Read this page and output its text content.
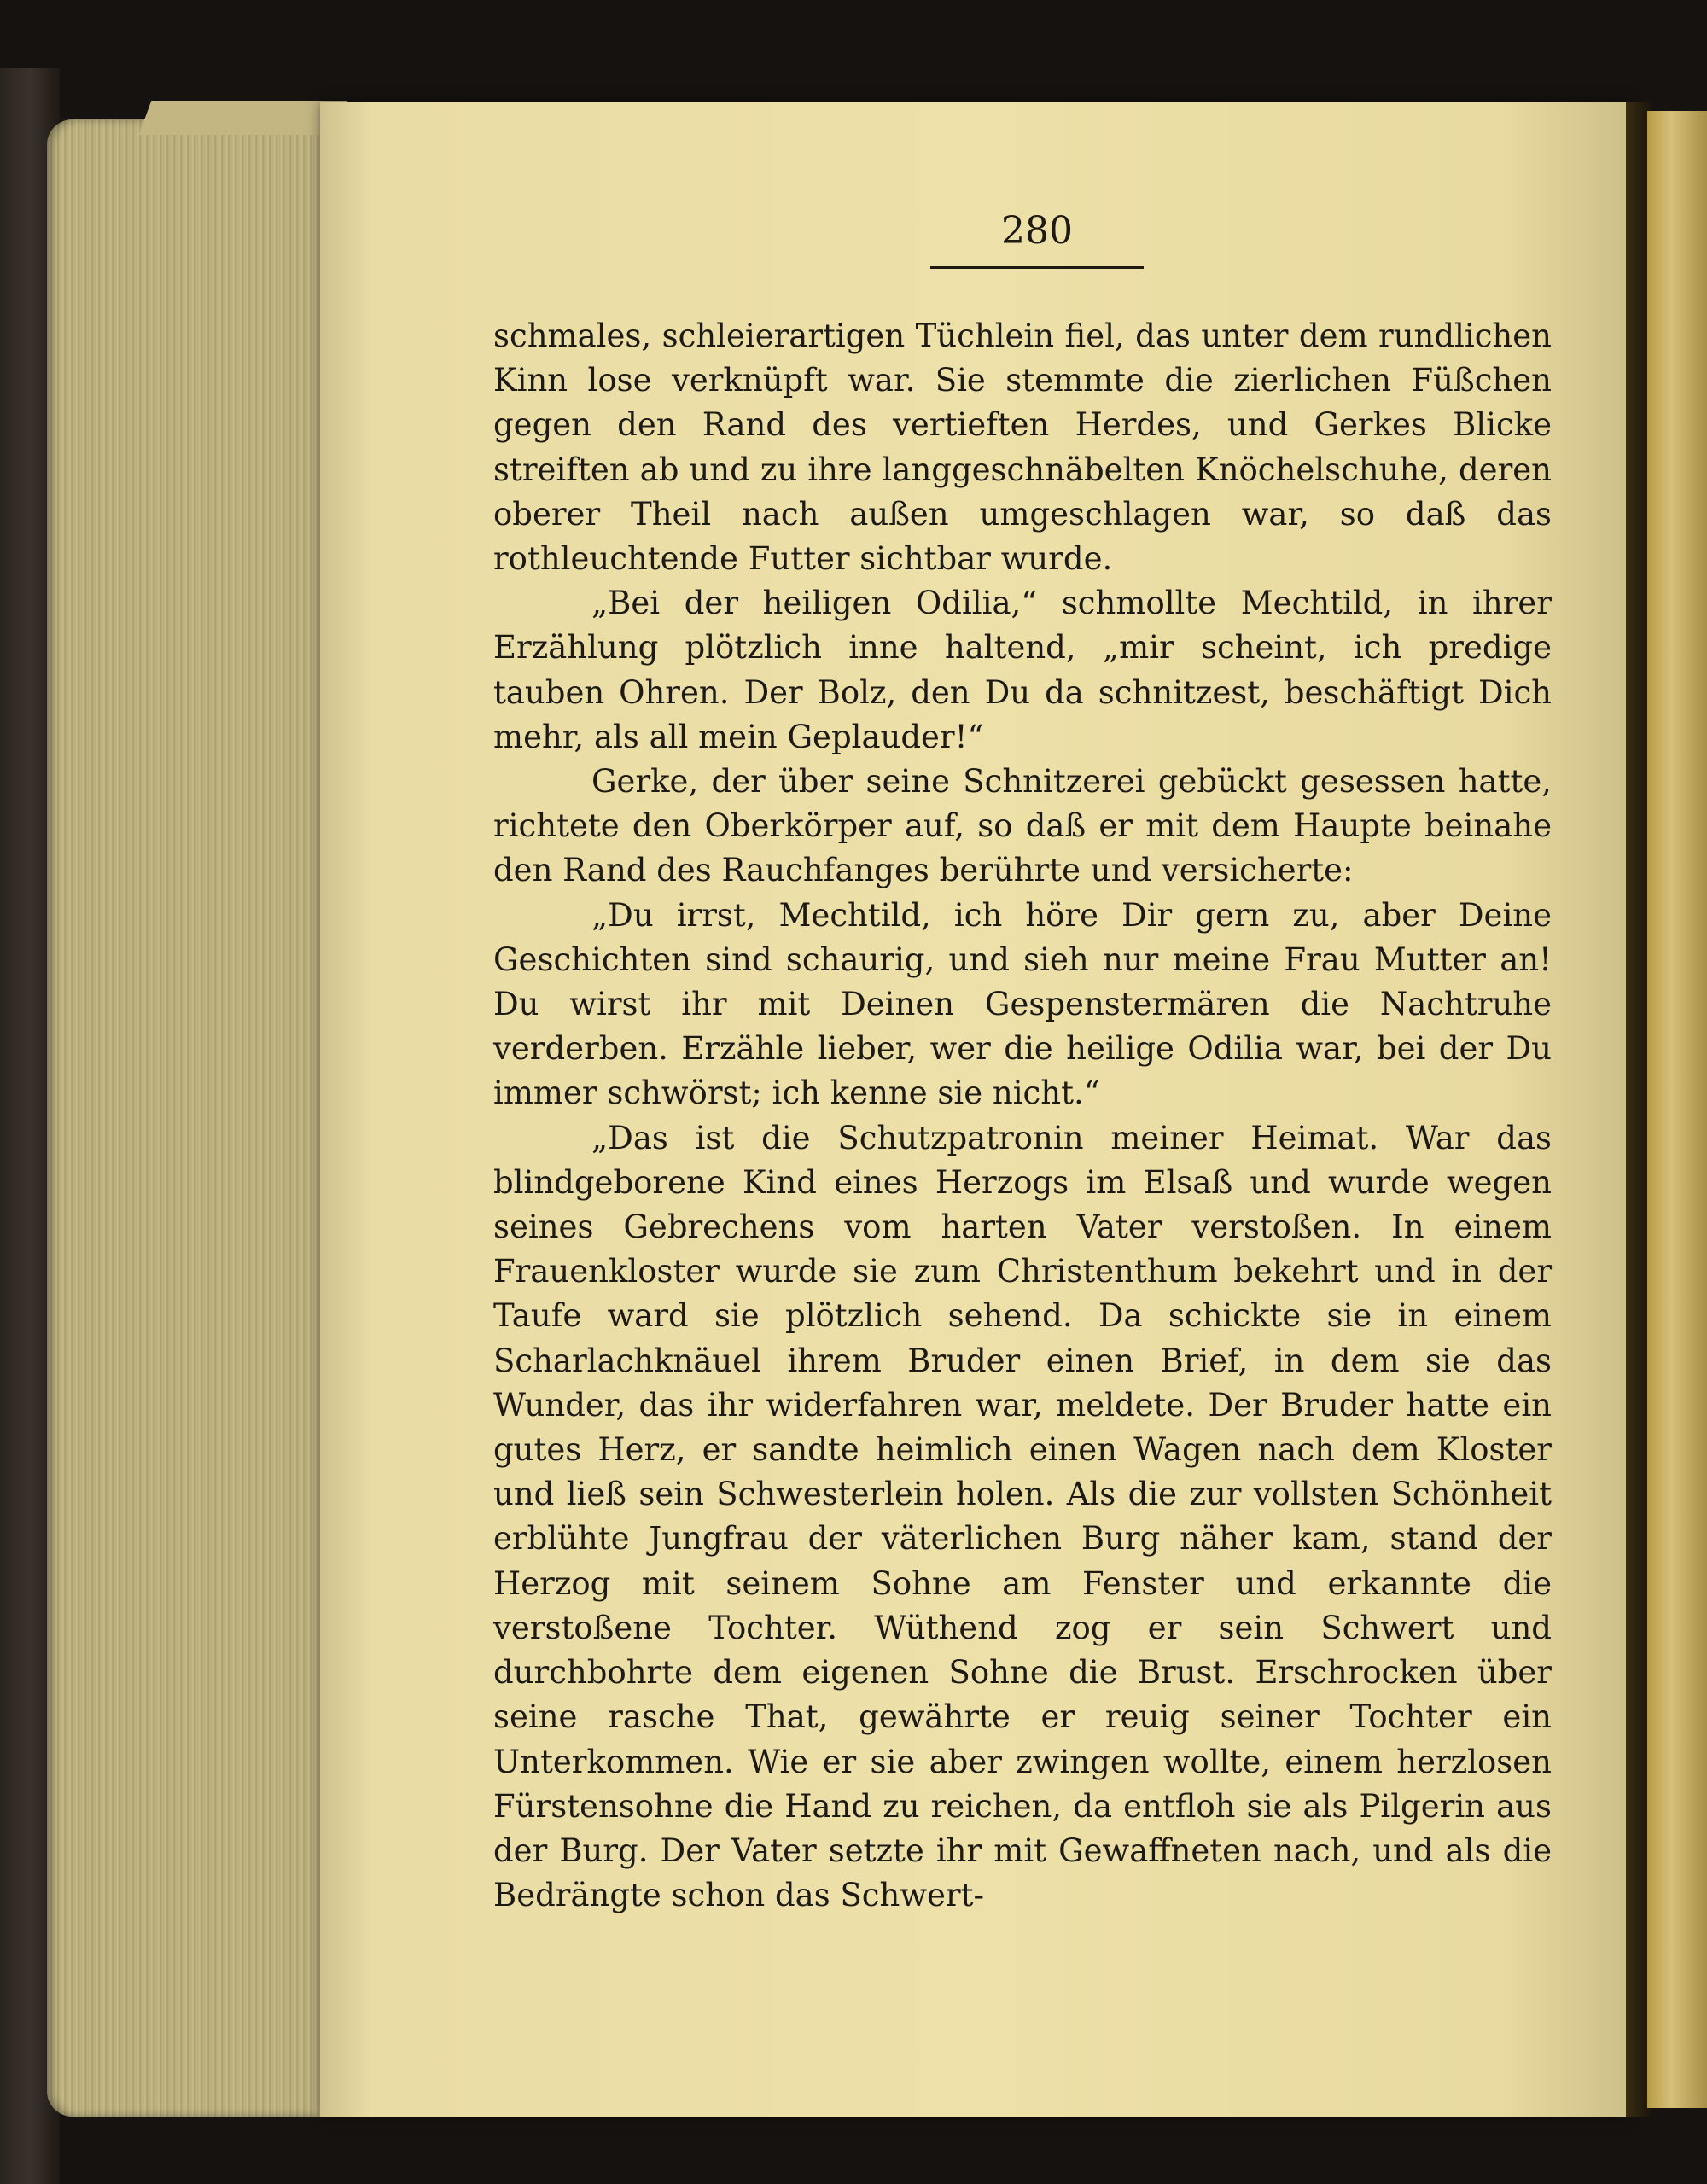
280

schmales, schleierartigen Tüchlein fiel, das unter dem rundlichen Kinn lose verknüpft war. Sie stemmte die zierlichen Füßchen gegen den Rand des vertieften Herdes, und Gerkes Blicke streiften ab und zu ihre langgeschnäbelten Knöchelschuhe, deren oberer Theil nach außen umgeschlagen war, so daß das rothleuchtende Futter sichtbar wurde.

„Bei der heiligen Odilia,“ schmollte Mechtild, in ihrer Erzählung plötzlich inne haltend, „mir scheint, ich predige tauben Ohren. Der Bolz, den Du da schnitzest, beschäftigt Dich mehr, als all mein Geplauder!“

Gerke, der über seine Schnitzerei gebückt gesessen hatte, richtete den Oberkörper auf, so daß er mit dem Haupte beinahe den Rand des Rauchfanges berührte und versicherte:

„Du irrst, Mechtild, ich höre Dir gern zu, aber Deine Geschichten sind schaurig, und sieh nur meine Frau Mutter an! Du wirst ihr mit Deinen Gespenstermären die Nachtruhe verderben. Erzähle lieber, wer die heilige Odilia war, bei der Du immer schwörst; ich kenne sie nicht.“

„Das ist die Schutzpatronin meiner Heimat. War das blindgeborene Kind eines Herzogs im Elsaß und wurde wegen seines Gebrechens vom harten Vater verstoßen. In einem Frauenkloster wurde sie zum Christenthum bekehrt und in der Taufe ward sie plötzlich sehend. Da schickte sie in einem Scharlachknäuel ihrem Bruder einen Brief, in dem sie das Wunder, das ihr widerfahren war, meldete. Der Bruder hatte ein gutes Herz, er sandte heimlich einen Wagen nach dem Kloster und ließ sein Schwesterlein holen. Als die zur vollsten Schönheit erblühte Jungfrau der väterlichen Burg näher kam, stand der Herzog mit seinem Sohne am Fenster und erkannte die verstoßene Tochter. Wüthend zog er sein Schwert und durchbohrte dem eigenen Sohne die Brust. Erschrocken über seine rasche That, gewährte er reuig seiner Tochter ein Unterkommen. Wie er sie aber zwingen wollte, einem herzlosen Fürstensohne die Hand zu reichen, da entfloh sie als Pilgerin aus der Burg. Der Vater setzte ihr mit Gewaffneten nach, und als die Bedrängte schon das Schwert-
